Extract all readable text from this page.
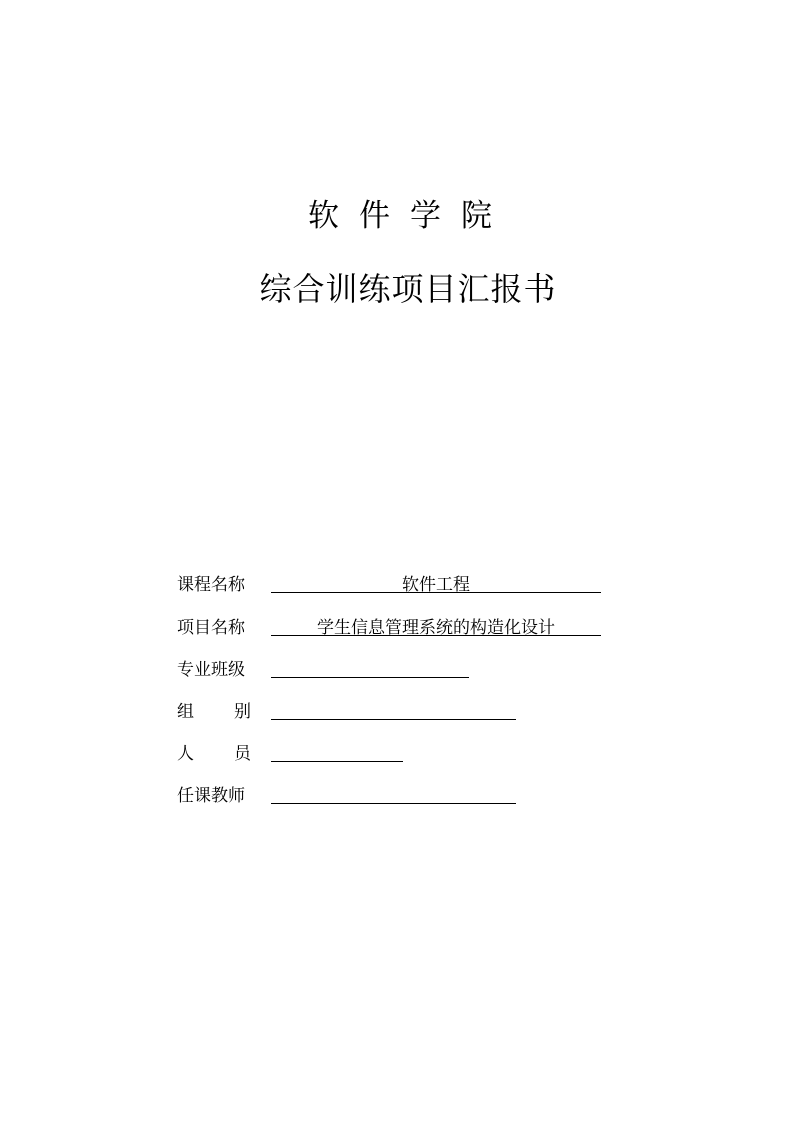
软件学院
综合训练项目汇报书
课程名称	软件工程
项目名称	学生信息管理系统的构造化设计
专业班级
组 别
人 员
任课教师
